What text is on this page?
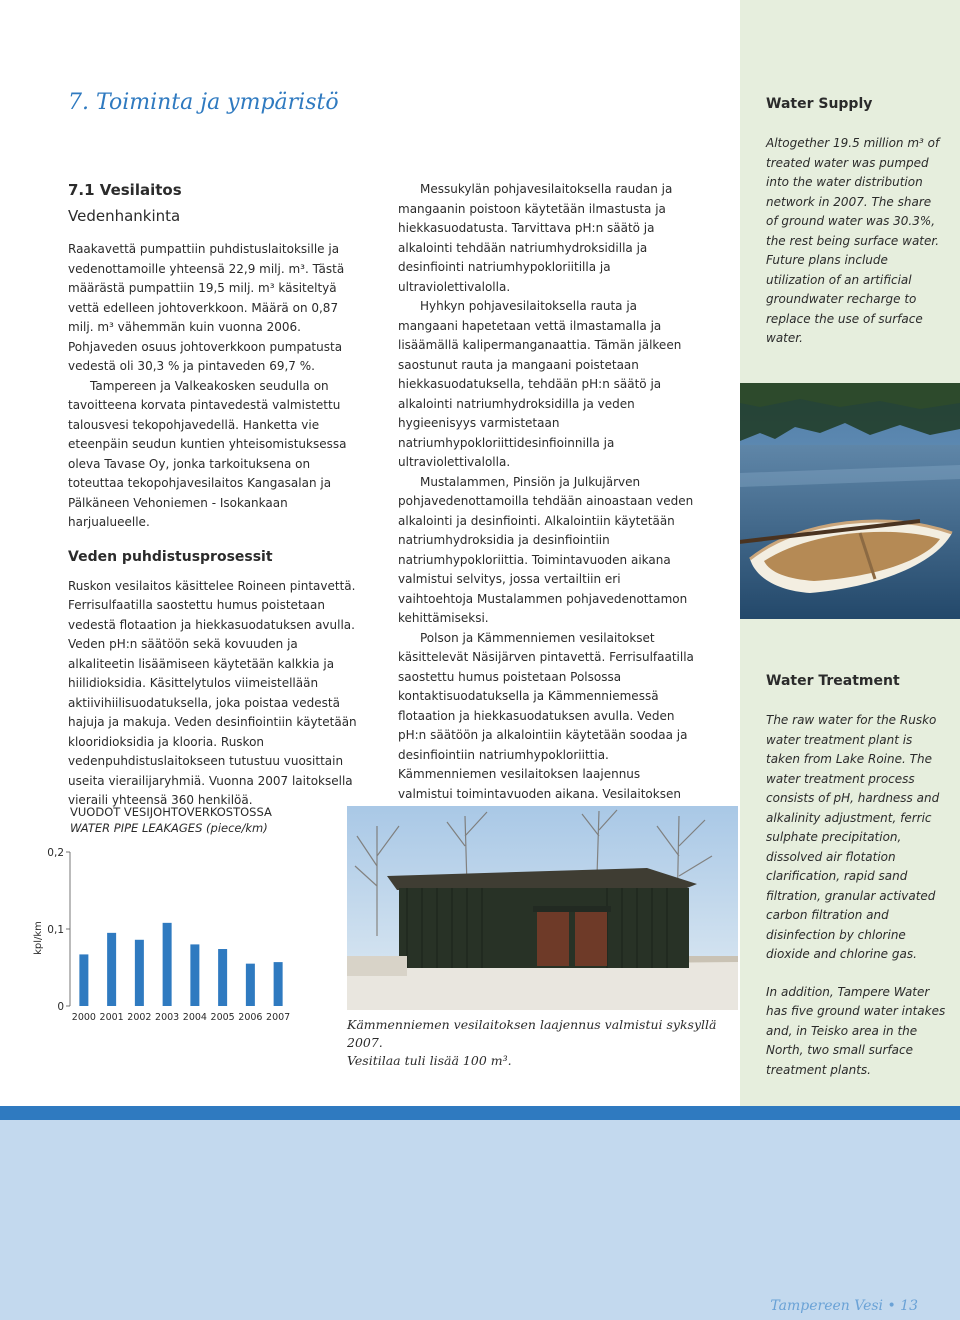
7. Toiminta ja ympäristö
7.1 Vesilaitos
Vedenhankinta

Raakavettä pumpattiin puhdistuslaitoksille ja vedenottamoille yhteensä 22,9 milj. m³. Tästä määrästä pumpattiin 19,5 milj. m³ käsiteltyä vettä edelleen johtoverkkoon. Määrä on 0,87 milj. m³ vähemmän kuin vuonna 2006. Pohjaveden osuus johtoverkkoon pumpatusta vedestä oli 30,3 % ja pintaveden 69,7 %.

Tampereen ja Valkeakosken seudulla on tavoitteena korvata pintavedestä valmistettu talousvesi tekopohjavedellä. Hanketta vie eteenpäin seudun kuntien yhteisomistuksessa oleva Tavase Oy, jonka tarkoituksena on toteuttaa tekopohjavesilaitos Kangasalan ja Pälkäneen Vehoniemen - Isokankaan harjualueelle.

Veden puhdistusprosessit

Ruskon vesilaitos käsittelee Roineen pintavettä. Ferrisulfaatilla saostettu humus poistetaan vedestä flotaation ja hiekkasuodatuksen avulla. Veden pH:n säätöön sekä kovuuden ja alkaliteetin lisäämiseen käytetään kalkkia ja hiilidioksidia. Käsittelytulos viimeistellään aktiivihiilisuodatuksella, joka poistaa vedestä hajuja ja makuja. Veden desinfiointiin käytetään klooridioksidia ja klooria. Ruskon vedenpuhdistuslaitokseen tutustuu vuosittain useita vierailijaryhmiä. Vuonna 2007 laitoksella vieraili yhteensä 360 henkilöä.

Messukylän pohjavesilaitoksella raudan ja mangaanin poistoon käytetään ilmastusta ja hiekkasuodatusta. Tarvittava pH:n säätö ja alkalointi tehdään natriumhydroksidilla ja desinfiointi natriumhypokloriitilla ja ultraviolettivalolla.

Hyhkyn pohjavesilaitoksella rauta ja mangaani hapetetaan vettä ilmastamalla ja lisäämällä kalipermanganaattia. Tämän jälkeen saostunut rauta ja mangaani poistetaan hiekkasuodatuksella, tehdään pH:n säätö ja alkalointi natriumhydroksidilla ja veden hygieenisyys varmistetaan natriumhypokloriittidesinfioinnilla ja ultraviolettivalolla.

Mustalammen, Pinsiön ja Julkujärven pohjavedenottamoilla tehdään ainoastaan veden alkalointi ja desinfiointi. Alkalointiin käytetään natriumhydroksidia ja desinfiointiin natriumhypokloriittia. Toimintavuoden aikana valmistui selvitys, jossa vertailtiin eri vaihtoehtoja Mustalammen pohjavedenottamon kehittämiseksi.

Polson ja Kämmenniemen vesilaitokset käsittelevät Näsijärven pintavettä. Ferrisulfaatilla saostettu humus poistetaan Polsossa kontaktisuodatuksella ja Kämmenniemessä flotaation ja hiekkasuodatuksen avulla. Veden pH:n säätöön ja alkalointiin käytetään soodaa ja desinfiointiin natriumhypokloriittia. Kämmenniemen vesilaitoksen laajennus valmistui toimintavuoden aikana. Vesilaitoksen

VUODOT VESIJOHTOVERKOSTOSSA
WATER PIPE LEAKAGES (piece/km)
0,2
0,1
0
kpl/km
2000 2001 2002 2003 2004 2005 2006 2007	Kämmenniemen vesilaitoksen laajennus valmistui syksyllä 2007.

Vesitilaa tuli lisää 100 m³.

Water Supply

Altogether 19.5 million m³ of treated water was pumped into the water distribution network in 2007. The share of ground water was 30.3%, the rest being surface water. Future plans include utilization of an artificial groundwater recharge to replace the use of surface water.

Water Treatment

The raw water for the Rusko water treatment plant is taken from Lake Roine. The water treatment process consists of pH, hardness and alkalinity adjustment, ferric sulphate precipitation, dissolved air flotation clarification, rapid sand filtration, granular activated carbon filtration and disinfection by chlorine dioxide and chlorine gas.

In addition, Tampere Water has five ground water intakes and, in Teisko area in the North, two small surface treatment plants.

Tampereen Vesi • 13
